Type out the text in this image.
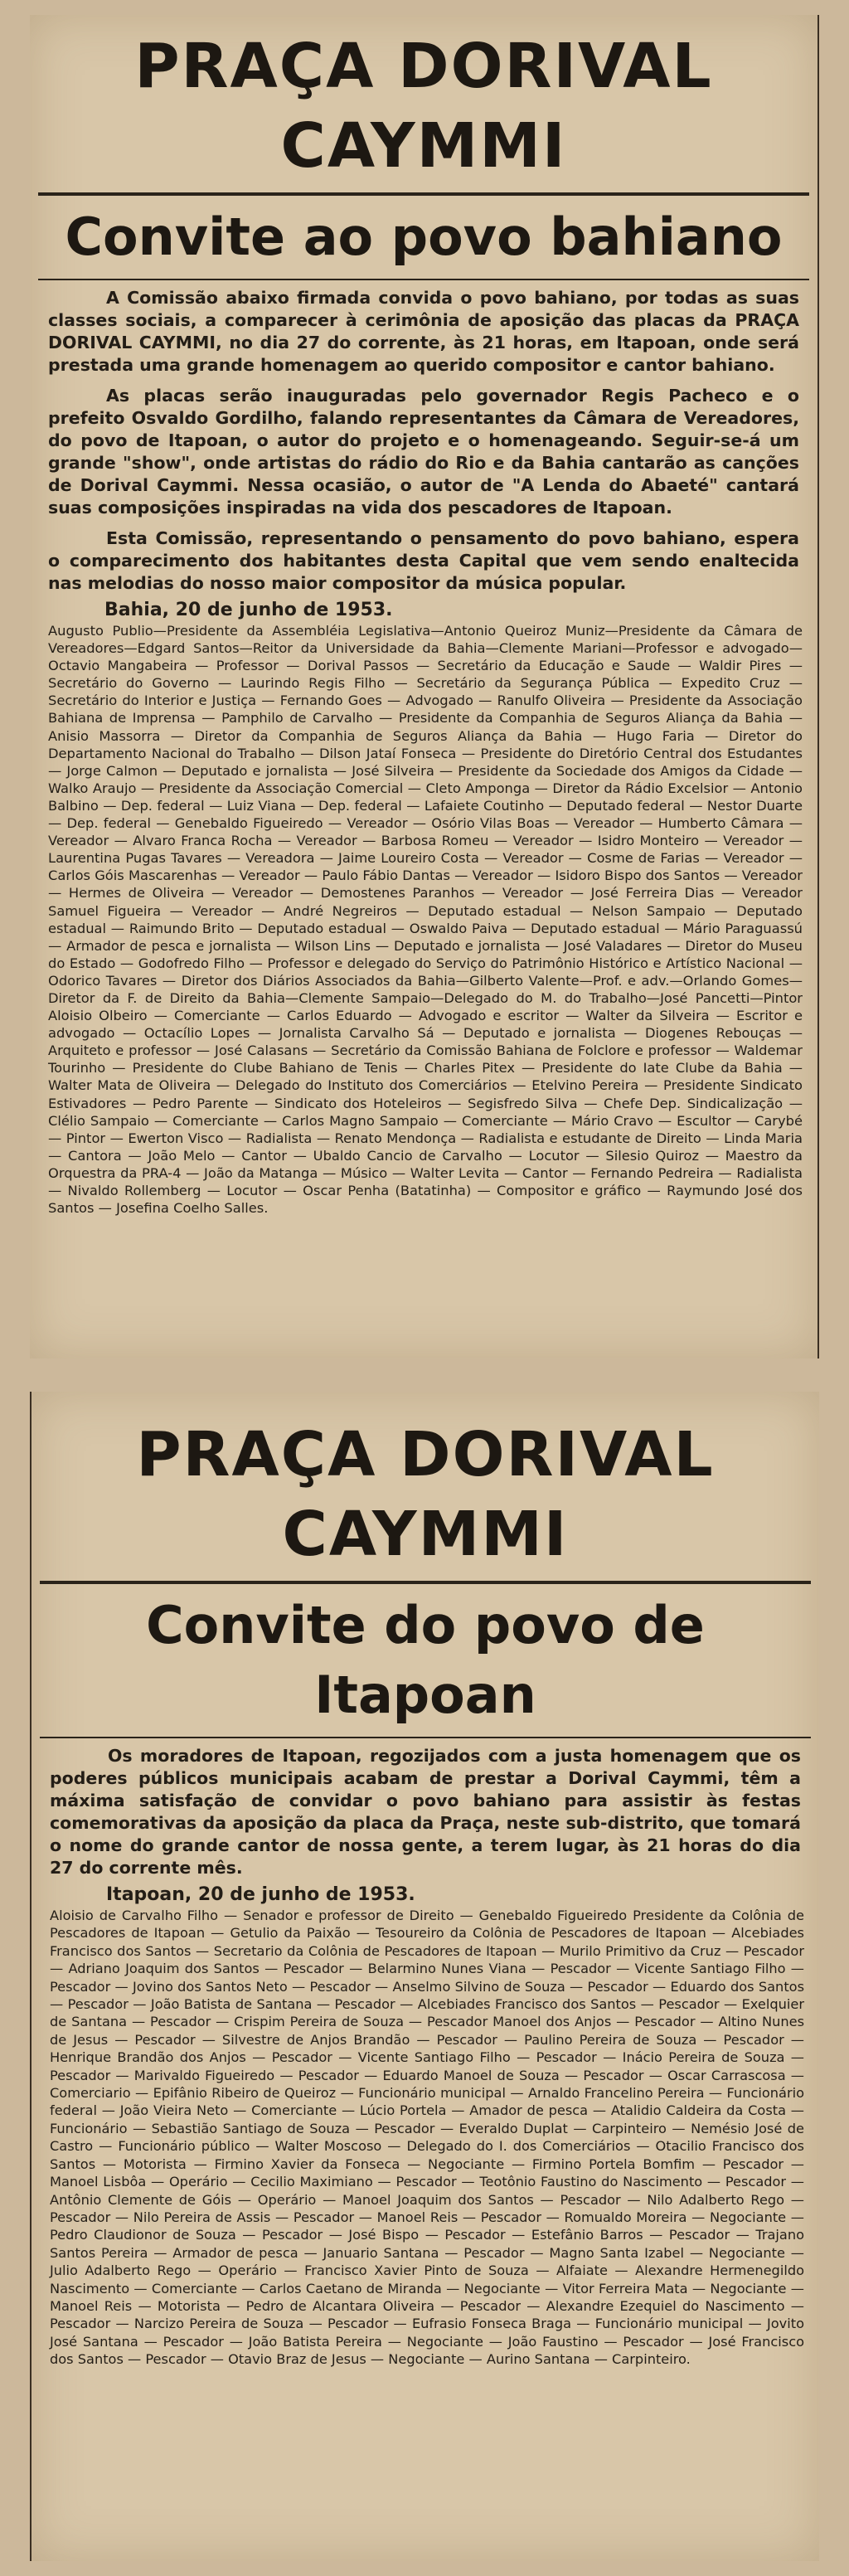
PRAÇA DORIVAL CAYMMI
Convite ao povo bahiano

A Comissão abaixo firmada convida o povo bahiano, por todas as suas classes sociais, a comparecer à cerimônia de aposição das placas da PRAÇA DORIVAL CAYMMI, no dia 27 do corrente, às 21 horas, em Itapoan, onde será prestada uma grande homenagem ao querido compositor e cantor bahiano.

As placas serão inauguradas pelo governador Regis Pacheco e o prefeito Osvaldo Gordilho, falando representantes da Câmara de Vereadores, do povo de Itapoan, o autor do projeto e o homenageando. Seguir-se-á um grande "show", onde artistas do rádio do Rio e da Bahia cantarão as canções de Dorival Caymmi. Nessa ocasião, o autor de "A Lenda do Abaeté" cantará suas composições inspiradas na vida dos pescadores de Itapoan.

Esta Comissão, representando o pensamento do povo bahiano, espera o comparecimento dos habitantes desta Capital que vem sendo enaltecida nas melodias do nosso maior compositor da música popular.

Bahia, 20 de junho de 1953.

Augusto Publio—Presidente da Assembléia Legislativa—Antonio Queiroz Muniz—Presidente da Câmara de Vereadores—Edgard Santos—Reitor da Universidade da Bahia—Clemente Mariani—Professor e advogado—Octavio Mangabeira — Professor — Dorival Passos — Secretário da Educação e Saude — Waldir Pires — Secretário do Governo — Laurindo Regis Filho — Secretário da Segurança Pública — Expedito Cruz — Secretário do Interior e Justiça — Fernando Goes — Advogado — Ranulfo Oliveira — Presidente da Associação Bahiana de Imprensa — Pamphilo de Carvalho — Presidente da Companhia de Seguros Aliança da Bahia — Anisio Massorra — Diretor da Companhia de Seguros Aliança da Bahia — Hugo Faria — Diretor do Departamento Nacional do Trabalho — Dilson Jataí Fonseca — Presidente do Diretório Central dos Estudantes — Jorge Calmon — Deputado e jornalista — José Silveira — Presidente da Sociedade dos Amigos da Cidade — Walko Araujo — Presidente da Associação Comercial — Cleto Amponga — Diretor da Rádio Excelsior — Antonio Balbino — Dep. federal — Luiz Viana — Dep. federal — Lafaiete Coutinho — Deputado federal — Nestor Duarte — Dep. federal — Genebaldo Figueiredo — Vereador — Osório Vilas Boas — Vereador — Humberto Câmara — Vereador — Alvaro Franca Rocha — Vereador — Barbosa Romeu — Vereador — Isidro Monteiro — Vereador — Laurentina Pugas Tavares — Vereadora — Jaime Loureiro Costa — Vereador — Cosme de Farias — Vereador — Carlos Góis Mascarenhas — Vereador — Paulo Fábio Dantas — Vereador — Isidoro Bispo dos Santos — Vereador — Hermes de Oliveira — Vereador — Demostenes Paranhos — Vereador — José Ferreira Dias — Vereador Samuel Figueira — Vereador — André Negreiros — Deputado estadual — Nelson Sampaio — Deputado estadual — Raimundo Brito — Deputado estadual — Oswaldo Paiva — Deputado estadual — Mário Paraguassú — Armador de pesca e jornalista — Wilson Lins — Deputado e jornalista — José Valadares — Diretor do Museu do Estado — Godofredo Filho — Professor e delegado do Serviço do Patrimônio Histórico e Artístico Nacional — Odorico Tavares — Diretor dos Diários Associados da Bahia—Gilberto Valente—Prof. e adv.—Orlando Gomes— Diretor da F. de Direito da Bahia—Clemente Sampaio—Delegado do M. do Trabalho—José Pancetti—Pintor Aloisio Olbeiro — Comerciante — Carlos Eduardo — Advogado e escritor — Walter da Silveira — Escritor e advogado — Octacílio Lopes — Jornalista Carvalho Sá — Deputado e jornalista — Diogenes Rebouças — Arquiteto e professor — José Calasans — Secretário da Comissão Bahiana de Folclore e professor — Waldemar Tourinho — Presidente do Clube Bahiano de Tenis — Charles Pitex — Presidente do Iate Clube da Bahia — Walter Mata de Oliveira — Delegado do Instituto dos Comerciários — Etelvino Pereira — Presidente Sindicato Estivadores — Pedro Parente — Sindicato dos Hoteleiros — Segisfredo Silva — Chefe Dep. Sindicalização — Clélio Sampaio — Comerciante — Carlos Magno Sampaio — Comerciante — Mário Cravo — Escultor — Carybé — Pintor — Ewerton Visco — Radialista — Renato Mendonça — Radialista e estudante de Direito — Linda Maria — Cantora — João Melo — Cantor — Ubaldo Cancio de Carvalho — Locutor — Silesio Quiroz — Maestro da Orquestra da PRA-4 — João da Matanga — Músico — Walter Levita — Cantor — Fernando Pedreira — Radialista — Nivaldo Rollemberg — Locutor — Oscar Penha (Batatinha) — Compositor e gráfico — Raymundo José dos Santos — Josefina Coelho Salles.

PRAÇA DORIVAL CAYMMI
Convite do povo de Itapoan

Os moradores de Itapoan, regozijados com a justa homenagem que os poderes públicos municipais acabam de prestar a Dorival Caymmi, têm a máxima satisfação de convidar o povo bahiano para assistir às festas comemorativas da aposição da placa da Praça, neste sub-distrito, que tomará o nome do grande cantor de nossa gente, a terem lugar, às 21 horas do dia 27 do corrente mês.

Itapoan, 20 de junho de 1953.

Aloisio de Carvalho Filho — Senador e professor de Direito — Genebaldo Figueiredo Presidente da Colônia de Pescadores de Itapoan — Getulio da Paixão — Tesoureiro da Colônia de Pescadores de Itapoan — Alcebiades Francisco dos Santos — Secretario da Colônia de Pescadores de Itapoan — Murilo Primitivo da Cruz — Pescador — Adriano Joaquim dos Santos — Pescador — Belarmino Nunes Viana — Pescador — Vicente Santiago Filho — Pescador — Jovino dos Santos Neto — Pescador — Anselmo Silvino de Souza — Pescador — Eduardo dos Santos — Pescador — João Batista de Santana — Pescador — Alcebiades Francisco dos Santos — Pescador — Exelquier de Santana — Pescador — Crispim Pereira de Souza — Pescador Manoel dos Anjos — Pescador — Altino Nunes de Jesus — Pescador — Silvestre de Anjos Brandão — Pescador — Paulino Pereira de Souza — Pescador — Henrique Brandão dos Anjos — Pescador — Vicente Santiago Filho — Pescador — Inácio Pereira de Souza — Pescador — Marivaldo Figueiredo — Pescador — Eduardo Manoel de Souza — Pescador — Oscar Carrascosa — Comerciario — Epifânio Ribeiro de Queiroz — Funcionário municipal — Arnaldo Francelino Pereira — Funcionário federal — João Vieira Neto — Comerciante — Lúcio Portela — Amador de pesca — Atalidio Caldeira da Costa — Funcionário — Sebastião Santiago de Souza — Pescador — Everaldo Duplat — Carpinteiro — Nemésio José de Castro — Funcionário público — Walter Moscoso — Delegado do I. dos Comerciários — Otacilio Francisco dos Santos — Motorista — Firmino Xavier da Fonseca — Negociante — Firmino Portela Bomfim — Pescador — Manoel Lisbôa — Operário — Cecilio Maximiano — Pescador — Teotônio Faustino do Nascimento — Pescador — Antônio Clemente de Góis — Operário — Manoel Joaquim dos Santos — Pescador — Nilo Adalberto Rego — Pescador — Nilo Pereira de Assis — Pescador — Manoel Reis — Pescador — Romualdo Moreira — Negociante — Pedro Claudionor de Souza — Pescador — José Bispo — Pescador — Estefânio Barros — Pescador — Trajano Santos Pereira — Armador de pesca — Januario Santana — Pescador — Magno Santa Izabel — Negociante — Julio Adalberto Rego — Operário — Francisco Xavier Pinto de Souza — Alfaiate — Alexandre Hermenegildo Nascimento — Comerciante — Carlos Caetano de Miranda — Negociante — Vitor Ferreira Mata — Negociante — Manoel Reis — Motorista — Pedro de Alcantara Oliveira — Pescador — Alexandre Ezequiel do Nascimento — Pescador — Narcizo Pereira de Souza — Pescador — Eufrasio Fonseca Braga — Funcionário municipal — Jovito José Santana — Pescador — João Batista Pereira — Negociante — João Faustino — Pescador — José Francisco dos Santos — Pescador — Otavio Braz de Jesus — Negociante — Aurino Santana — Carpinteiro.
